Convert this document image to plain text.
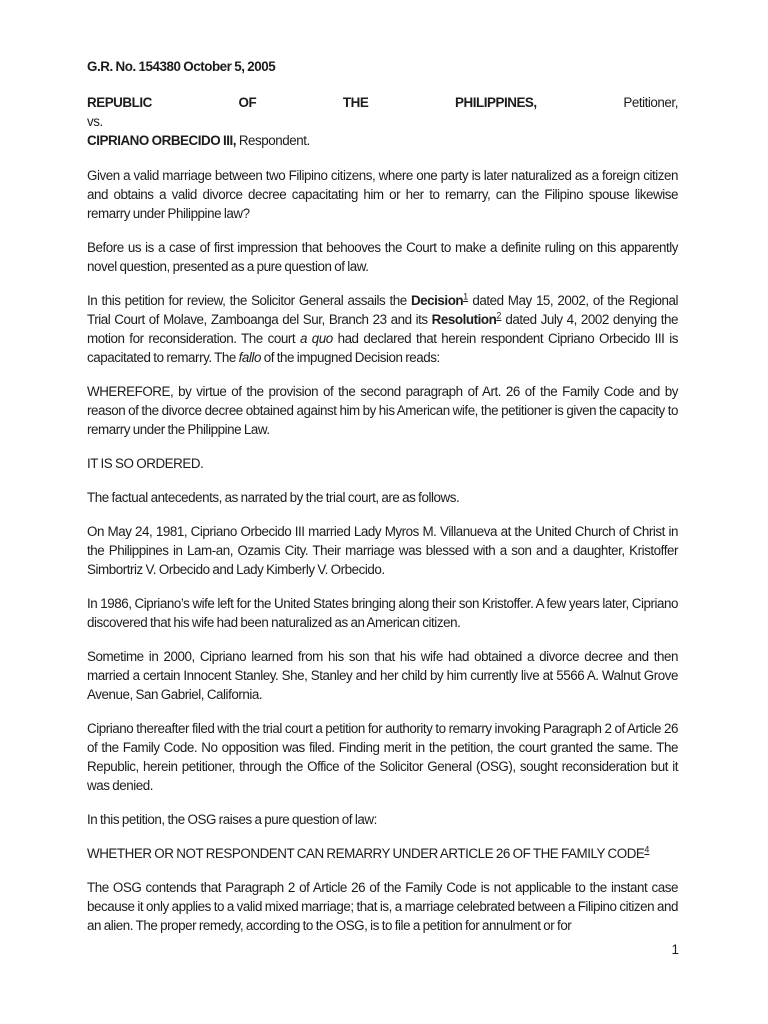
G.R. No. 154380 October 5, 2005

REPUBLIC	OF	THE	PHILIPPINES,	Petitioner,

vs.

CIPRIANO ORBECIDO III, Respondent.

Given a valid marriage between two Filipino citizens, where one party is later naturalized as a foreign citizen and obtains a valid divorce decree capacitating him or her to remarry, can the Filipino spouse likewise remarry under Philippine law?

Before us is a case of first impression that behooves the Court to make a definite ruling on this apparently novel question, presented as a pure question of law.

In this petition for review, the Solicitor General assails the Decision$^1$ dated May 15, 2002, of the Regional Trial Court of Molave, Zamboanga del Sur, Branch 23 and its Resolution$^2$ dated July 4, 2002 denying the motion for reconsideration. The court a quo had declared that herein respondent Cipriano Orbecido III is capacitated to remarry. The fallo of the impugned Decision reads:

WHEREFORE, by virtue of the provision of the second paragraph of Art. 26 of the Family Code and by reason of the divorce decree obtained against him by his American wife, the petitioner is given the capacity to remarry under the Philippine Law.

IT IS SO ORDERED.

The factual antecedents, as narrated by the trial court, are as follows.

On May 24, 1981, Cipriano Orbecido III married Lady Myros M. Villanueva at the United Church of Christ in the Philippines in Lam-an, Ozamis City. Their marriage was blessed with a son and a daughter, Kristoffer Simbortriz V. Orbecido and Lady Kimberly V. Orbecido.

In 1986, Cipriano’s wife left for the United States bringing along their son Kristoffer. A few years later, Cipriano discovered that his wife had been naturalized as an American citizen.

Sometime in 2000, Cipriano learned from his son that his wife had obtained a divorce decree and then married a certain Innocent Stanley. She, Stanley and her child by him currently live at 5566 A. Walnut Grove Avenue, San Gabriel, California.

Cipriano thereafter filed with the trial court a petition for authority to remarry invoking Paragraph 2 of Article 26 of the Family Code. No opposition was filed. Finding merit in the petition, the court granted the same. The Republic, herein petitioner, through the Office of the Solicitor General (OSG), sought reconsideration but it was denied.

In this petition, the OSG raises a pure question of law:

WHETHER OR NOT RESPONDENT CAN REMARRY UNDER ARTICLE 26 OF THE FAMILY CODE$^4$

The OSG contends that Paragraph 2 of Article 26 of the Family Code is not applicable to the instant case because it only applies to a valid mixed marriage; that is, a marriage celebrated between a Filipino citizen and an alien. The proper remedy, according to the OSG, is to file a petition for annulment or for

1
